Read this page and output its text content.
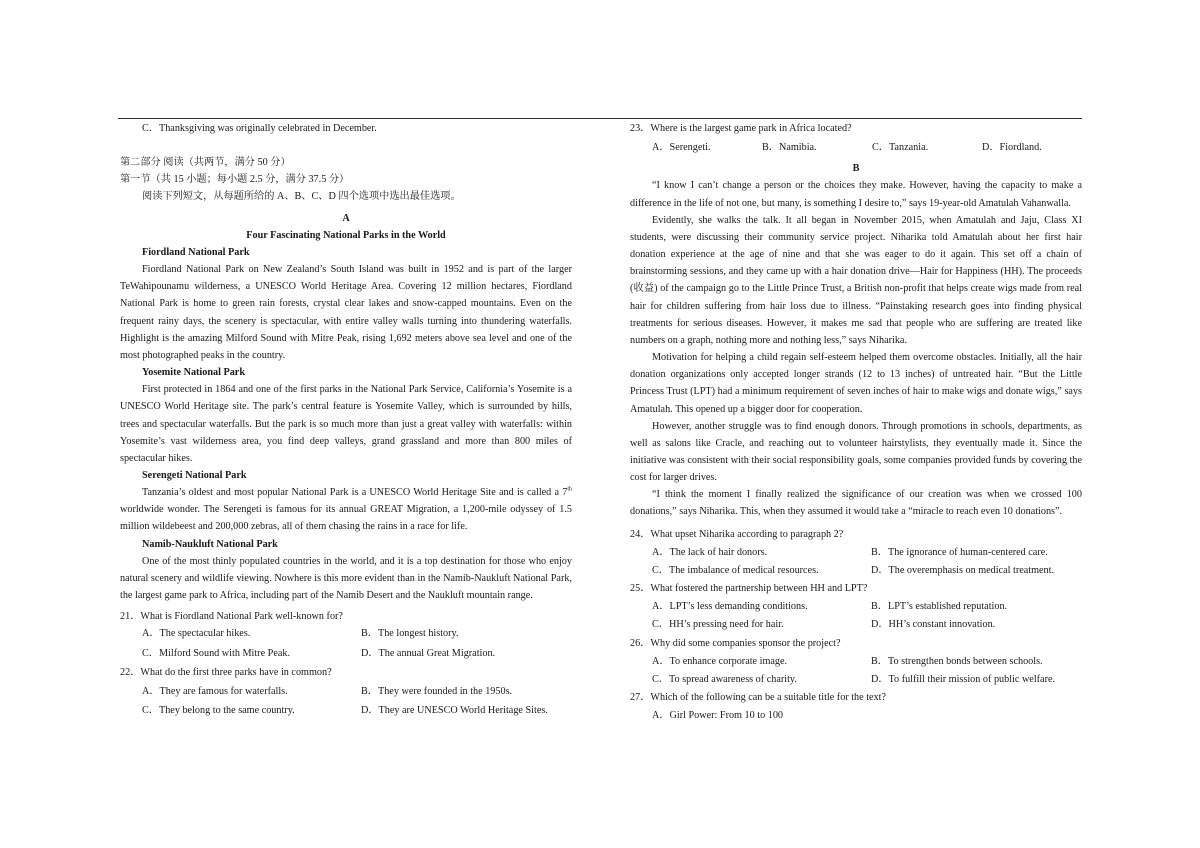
C．Thanksgiving was originally celebrated in December.

第二部分 阅读（共两节，满分 50 分）

第一节（共 15 小题；每小题 2.5 分，满分 37.5 分）

阅读下列短文，从每题所给的 A、B、C、D 四个选项中选出最佳选项。

A

Four Fascinating National Parks in the World

Fiordland National Park

Fiordland National Park on New Zealand’s South Island was built in 1952 and is part of the larger TeWahipounamu wilderness, a UNESCO World Heritage Area. Covering 12 million hectares, Fiordland National Park is home to green rain forests, crystal clear lakes and snow-capped mountains. Even on the frequent rainy days, the scenery is spectacular, with entire valley walls turning into thundering waterfalls. Highlight is the amazing Milford Sound with Mitre Peak, rising 1,692 meters above sea level and one of the most photographed peaks in the country.

Yosemite National Park

First protected in 1864 and one of the first parks in the National Park Service, California’s Yosemite is a UNESCO World Heritage site. The park’s central feature is Yosemite Valley, which is surrounded by hills, trees and spectacular waterfalls. But the park is so much more than just a great valley with waterfalls: within Yosemite’s vast wilderness area, you find deep valleys, grand grassland and more than 800 miles of spectacular hikes.

Serengeti National Park

Tanzania’s oldest and most popular National Park is a UNESCO World Heritage Site and is called a 7th worldwide wonder. The Serengeti is famous for its annual GREAT Migration, a 1,200-mile odyssey of 1.5 million wildebeest and 200,000 zebras, all of them chasing the rains in a race for life.

Namib-Naukluft National Park

One of the most thinly populated countries in the world, and it is a top destination for those who enjoy natural scenery and wildlife viewing. Nowhere is this more evident than in the Namib-Naukluft National Park, the largest game park to Africa, including part of the Namib Desert and the Naukluft mountain range.

21．What is Fiordland National Park well-known for?

A．The spectacular hikes.	B．The longest history.
C．Milford Sound with Mitre Peak.	D．The annual Great Migration.

22．What do the first three parks have in common?

A．They are famous for waterfalls.	B．They were founded in the 1950s.
C．They belong to the same country.	D．They are UNESCO World Heritage Sites.

23．Where is the largest game park in Africa located?

A．Serengeti.	B．Namibia.	C．Tanzania.	D．Fiordland.

B

“I know I can’t change a person or the choices they make. However, having the capacity to make a difference in the life of not one, but many, is something I desire to,” says 19-year-old Amatulah Vahanwalla.

Evidently, she walks the talk. It all began in November 2015, when Amatulah and Jaju, Class XI students, were discussing their community service project. Niharika told Amatulah about her first hair donation experience at the age of nine and that she was eager to do it again. This set off a chain of brainstorming sessions, and they came up with a hair donation drive—Hair for Happiness (HH). The proceeds (收益) of the campaign go to the Little Prince Trust, a British non-profit that helps create wigs made from real hair for children suffering from hair loss due to illness. “Painstaking research goes into finding physical treatments for serious diseases. However, it makes me sad that people who are suffering are treated like numbers on a graph, nothing more and nothing less,” says Niharika.

Motivation for helping a child regain self-esteem helped them overcome obstacles. Initially, all the hair donation organizations only accepted longer strands (12 to 13 inches) of untreated hair. “But the Little Princess Trust (LPT) had a minimum requirement of seven inches of hair to make wigs and donate wigs,” says Amatulah. This opened up a bigger door for cooperation.

However, another struggle was to find enough donors. Through promotions in schools, departments, as well as salons like Cracle, and reaching out to volunteer hairstylists, they eventually made it. Since the initiative was consistent with their social responsibility goals, some companies provided funds by covering the cost for larger drives.

“I think the moment I finally realized the significance of our creation was when we crossed 100 donations,” says Niharika. This, when they assumed it would take a “miracle to reach even 10 donations”.

24．What upset Niharika according to paragraph 2?

A．The lack of hair donors.	B．The ignorance of human-centered care.
C．The imbalance of medical resources.	D．The overemphasis on medical treatment.

25．What fostered the partnership between HH and LPT?

A．LPT’s less demanding conditions.	B．LPT’s established reputation.
C．HH’s pressing need for hair.	D．HH’s constant innovation.

26．Why did some companies sponsor the project?

A．To enhance corporate image.	B．To strengthen bonds between schools.
C．To spread awareness of charity.	D．To fulfill their mission of public welfare.

27．Which of the following can be a suitable title for the text?

A．Girl Power: From 10 to 100
